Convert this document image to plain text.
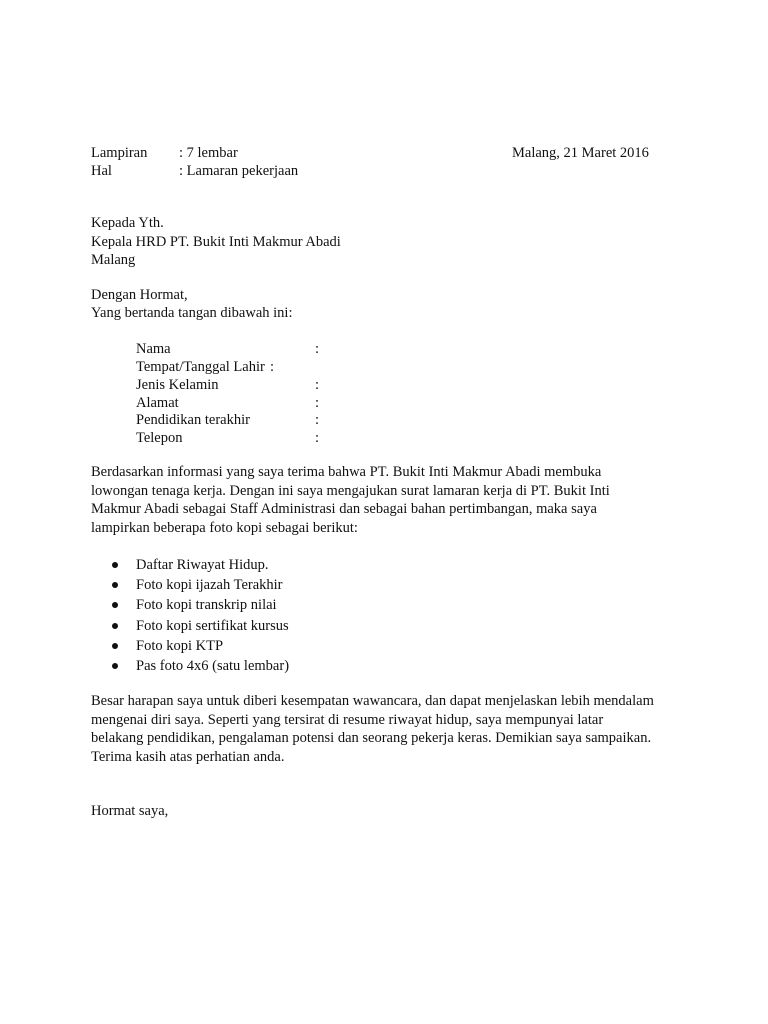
Lampiran : 7 lembar	Malang, 21 Maret 2016
Hal	: Lamaran pekerjaan
Kepada Yth.
Kepala HRD PT. Bukit Inti Makmur Abadi
Malang
Dengan Hormat,
Yang bertanda tangan dibawah ini:
Nama	:
Tempat/Tanggal Lahir :
Jenis Kelamin	:
Alamat	:
Pendidikan terakhir	:
Telepon	:
Berdasarkan informasi yang saya terima bahwa PT. Bukit Inti Makmur Abadi membuka
lowongan tenaga kerja. Dengan ini saya mengajukan surat lamaran kerja di PT. Bukit Inti
Makmur Abadi sebagai Staff Administrasi dan sebagai bahan pertimbangan, maka saya
lampirkan beberapa foto kopi sebagai berikut:
Daftar Riwayat Hidup.
Foto kopi ijazah Terakhir
Foto kopi transkrip nilai
Foto kopi sertifikat kursus
Foto kopi KTP
Pas foto 4x6 (satu lembar)
Besar harapan saya untuk diberi kesempatan wawancara, dan dapat menjelaskan lebih mendalam
mengenai diri saya. Seperti yang tersirat di resume riwayat hidup, saya mempunyai latar
belakang pendidikan, pengalaman potensi dan seorang pekerja keras. Demikian saya sampaikan.
Terima kasih atas perhatian anda.
Hormat saya,
